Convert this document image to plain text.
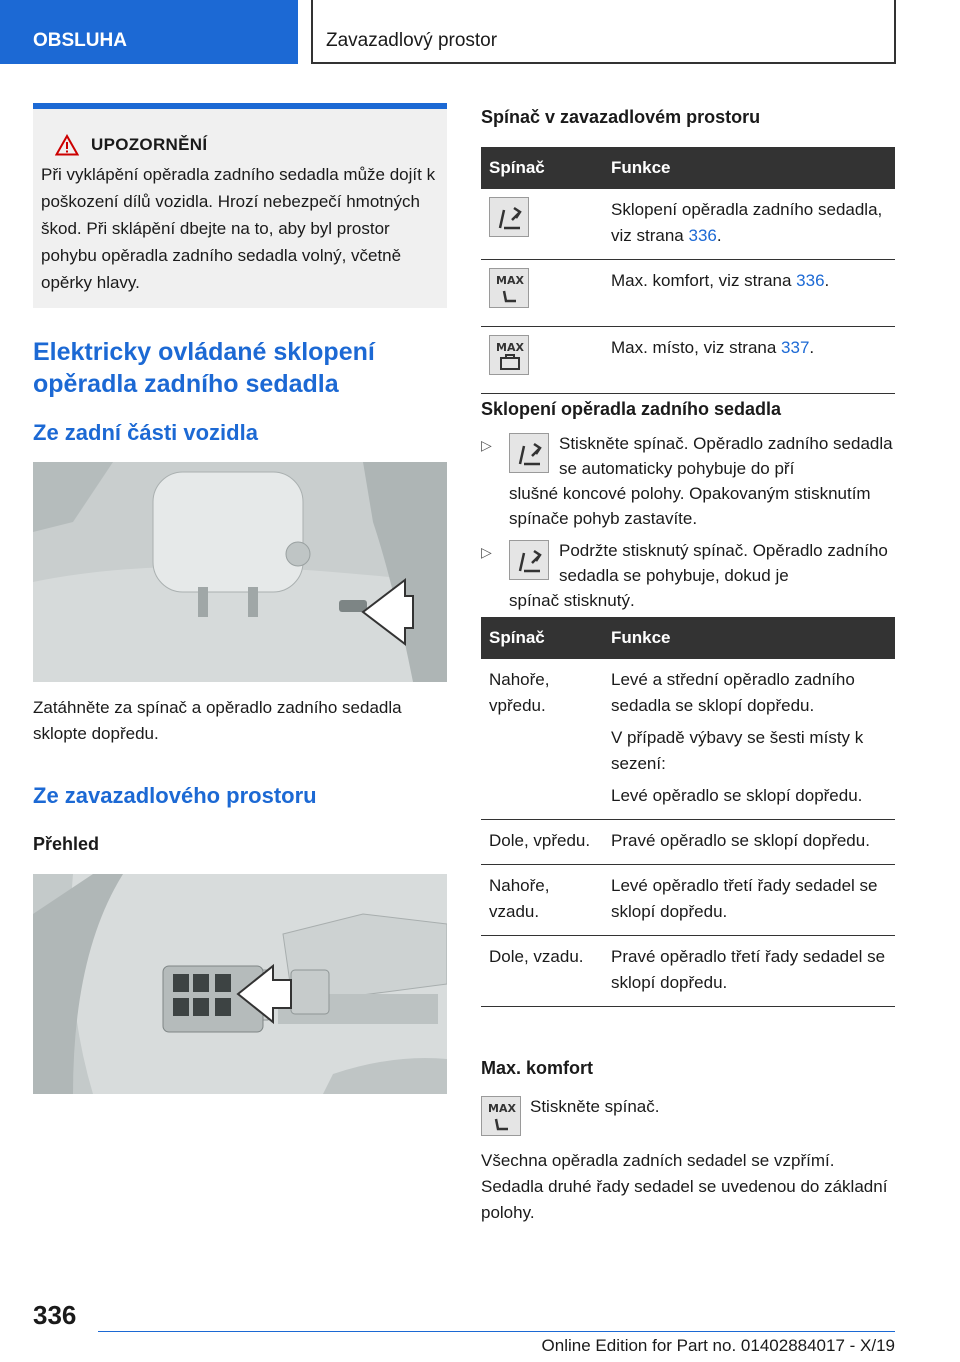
OBSLUHA	Zavazadlový prostor
UPOZORNĚNÍ
Při vyklápění opěradla zadního sedadla může dojít k poškození dílů vozidla. Hrozí nebezpečí hmotných škod. Při sklápění dbejte na to, aby byl prostor pohybu opěradla zadního sedadla volný, včetně opěrky hlavy.
Elektricky ovládané sklopení opěradla zadního sedadla
Ze zadní části vozidla
Zatáhněte za spínač a opěradlo zadního sedadla sklopte dopředu.
Ze zavazadlového prostoru
Přehled
Spínač v zavazadlovém prostoru
Spínač	Funkce

	Sklopení opěradla zadního sedadla, viz strana 336.

MAX	Max. komfort, viz strana 336.

MAX	Max. místo, viz strana 337.
Sklopení opěradla zadního sedadla
▷	Stiskněte spínač. Opěradlo zadního sedadla se automaticky pohybuje do pří
slušné koncové polohy. Opakovaným stisknutím spínače pohyb zastavíte.
▷	Podržte stisknutý spínač. Opěradlo zadního sedadla se pohybuje, dokud je
spínač stisknutý.
Spínač	Funkce
Nahoře, vpředu.	Levé a střední opěradlo zadního sedadla se sklopí dopředu.
V případě výbavy se šesti místy k sezení:
Levé opěradlo se sklopí dopředu.

Dole, vpředu.	Pravé opěradlo se sklopí dopředu.
Nahoře, vzadu.	Levé opěradlo třetí řady sedadel se sklopí dopředu.
Dole, vzadu.	Pravé opěradlo třetí řady sedadel se sklopí dopředu.
Max. komfort
MAX Stiskněte spínač.
Všechna opěradla zadních sedadel se vzpřímí. Sedadla druhé řady sedadel se uvedenou do základní polohy.
336
Online Edition for Part no. 01402884017 - X/19
